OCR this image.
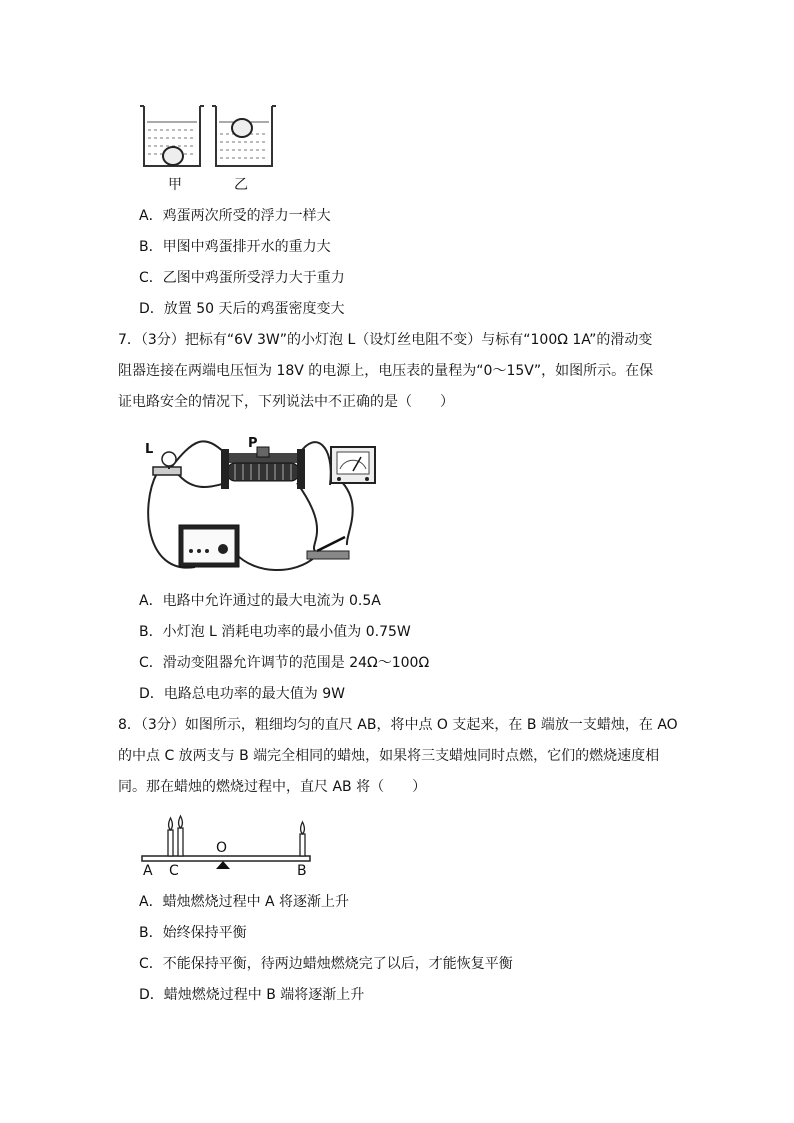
甲	乙
A．鸡蛋两次所受的浮力一样大
B．甲图中鸡蛋排开水的重力大
C．乙图中鸡蛋所受浮力大于重力
D．放置 50 天后的鸡蛋密度变大
7．（3分）把标有“6V 3W”的小灯泡 L（设灯丝电阻不变）与标有“100Ω 1A”的滑动变
阻器连接在两端电压恒为 18V 的电源上，电压表的量程为“0～15V”，如图所示。在保
证电路安全的情况下，下列说法中不正确的是（　　）
L	P
A．电路中允许通过的最大电流为 0.5A
B．小灯泡 L 消耗电功率的最小值为 0.75W
C．滑动变阻器允许调节的范围是 24Ω～100Ω
D．电路总电功率的最大值为 9W
8．（3分）如图所示，粗细均匀的直尺 AB，将中点 O 支起来，在 B 端放一支蜡烛，在 AO
的中点 C 放两支与 B 端完全相同的蜡烛，如果将三支蜡烛同时点燃，它们的燃烧速度相
同。那在蜡烛的燃烧过程中，直尺 AB 将（　　）
O
A C	B
A．蜡烛燃烧过程中 A 将逐渐上升
B．始终保持平衡
C．不能保持平衡，待两边蜡烛燃烧完了以后，才能恢复平衡
D．蜡烛燃烧过程中 B 端将逐渐上升
